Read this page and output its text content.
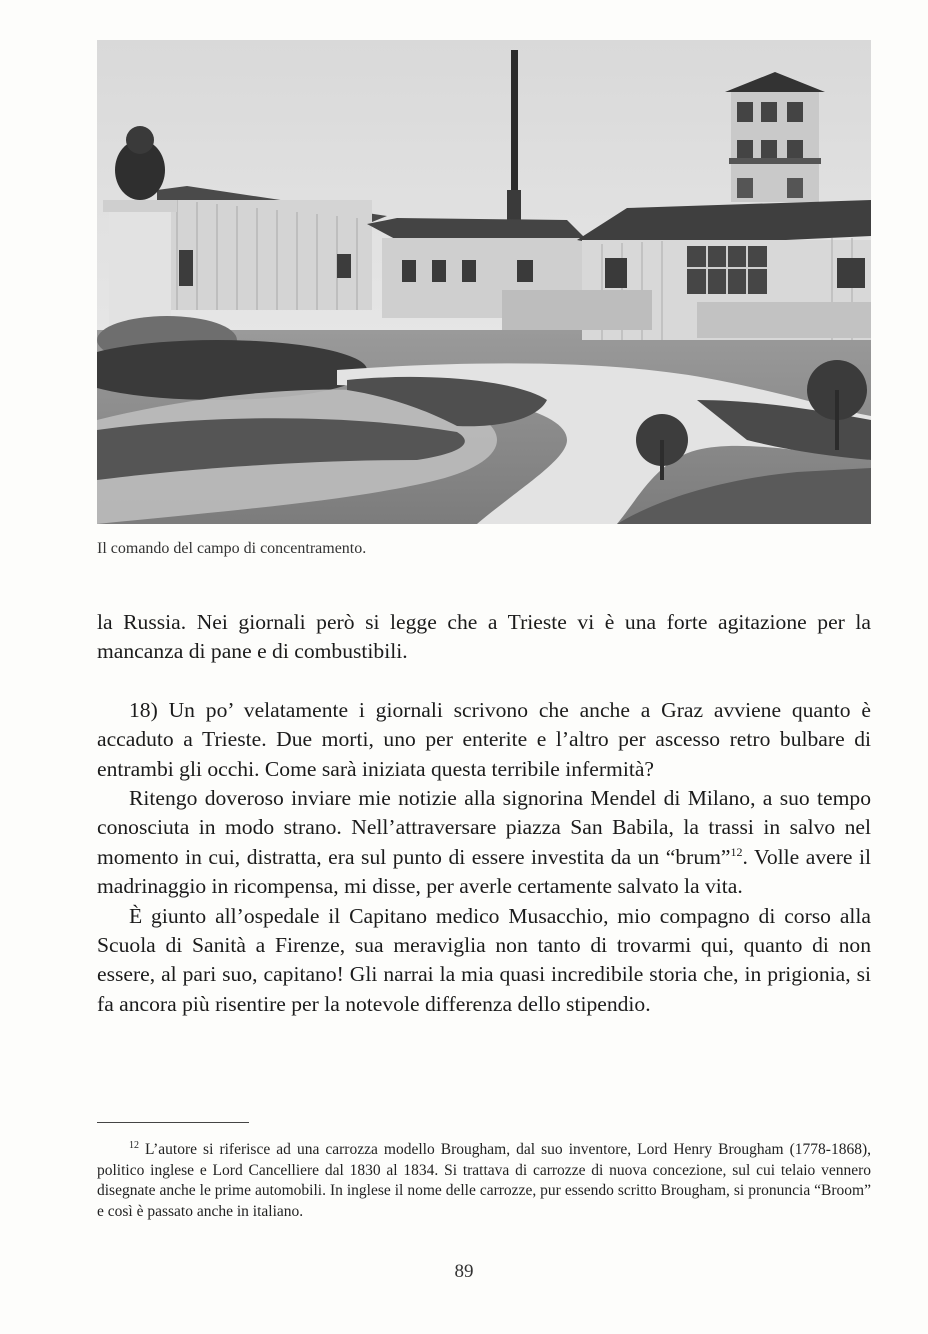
Il comando del campo di concentramento.

la Russia. Nei giornali però si legge che a Trieste vi è una forte agitazione per la mancanza di pane e di combustibili.

18) Un po’ velatamente i giornali scrivono che anche a Graz avviene quanto è accaduto a Trieste. Due morti, uno per enterite e l’altro per ascesso retro bulbare di entrambi gli occhi. Come sarà iniziata questa terribile infermità?

Ritengo doveroso inviare mie notizie alla signorina Mendel di Milano, a suo tempo conosciuta in modo strano. Nell’attraversare piazza San Babila, la trassi in salvo nel momento in cui, distratta, era sul punto di essere investita da un “brum”$^{12}$. Volle avere il madrinaggio in ricompensa, mi disse, per averle certamente salvato la vita.

È giunto all’ospedale il Capitano medico Musacchio, mio compagno di corso alla Scuola di Sanità a Firenze, sua meraviglia non tanto di trovarmi qui, quanto di non essere, al pari suo, capitano! Gli narrai la mia quasi incredibile storia che, in prigionia, si fa ancora più risentire per la notevole differenza dello stipendio.

$^{12}$ L’autore si riferisce ad una carrozza modello Brougham, dal suo inventore, Lord Henry Brougham (1778-1868), politico inglese e Lord Cancelliere dal 1830 al 1834. Si trattava di carrozze di nuova concezione, sul cui telaio vennero disegnate anche le prime automobili. In inglese il nome delle carrozze, pur essendo scritto Brougham, si pronuncia “Broom” e così è passato anche in italiano.

89
